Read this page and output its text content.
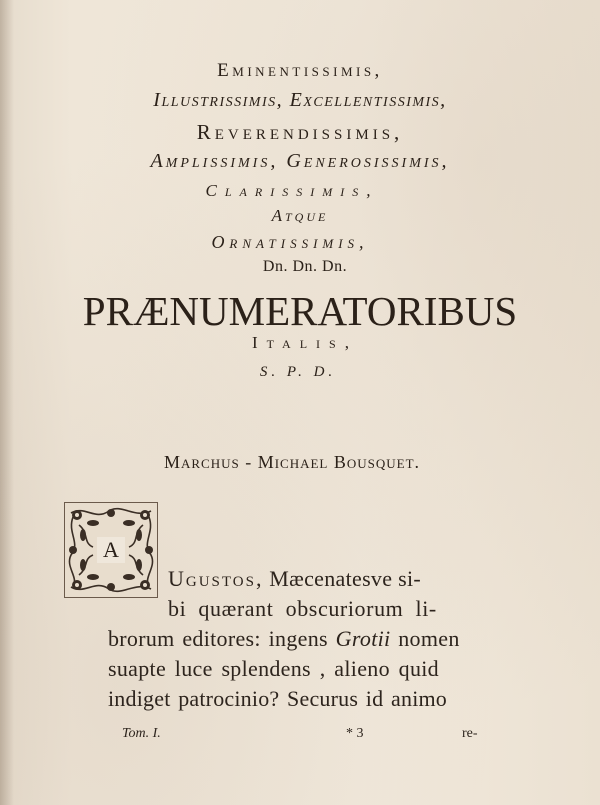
Eminentissimis,
Illustrissimis, Excellentissimis,
Reverendissimis,
Amplissimis, Generosissimis,
Clarissimis,
Atque
Ornatissimis,
Dn. Dn. Dn.
PRÆNUMERATORIBUS
Italis,
S. P. D.
Marchus - Michael Bousquet.
A
Ugustos, Mæcenatesve si-
bi quærant obscuriorum li-
brorum editores: ingens Grotii nomen
suapte luce splendens , alieno quid
indiget patrocinio? Securus id animo
Tom. I.	* 3	re-
